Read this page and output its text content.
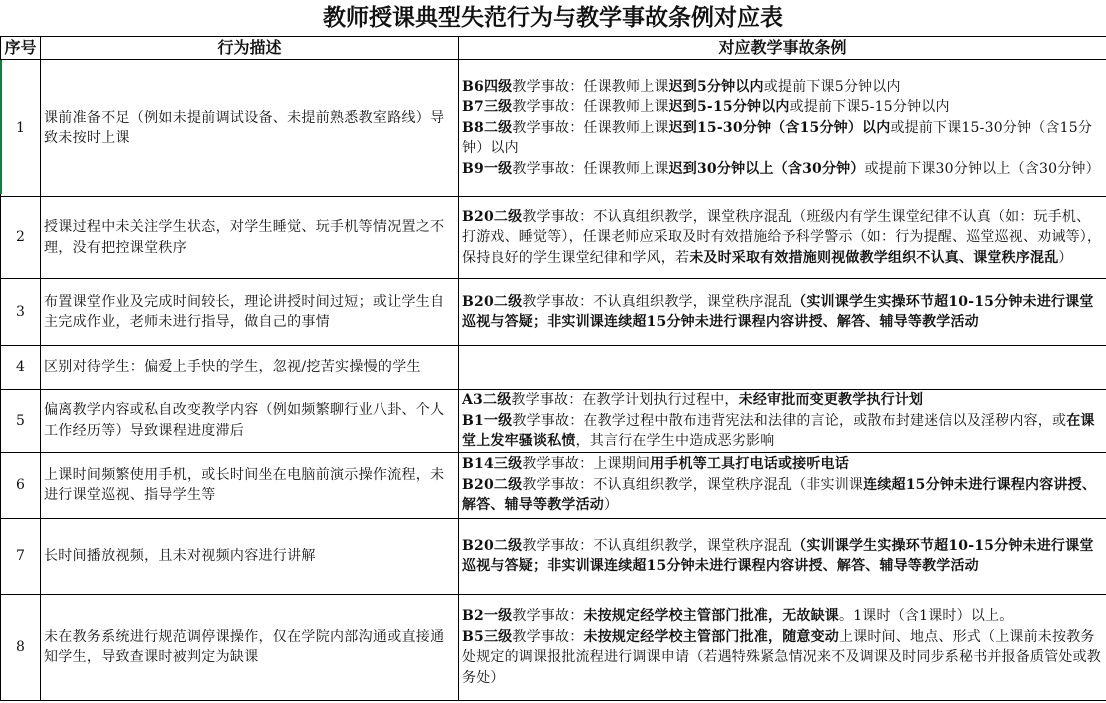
教师授课典型失范行为与教学事故条例对应表
序号	行为描述	对应教学事故条例
1	课前准备不足（例如未提前调试设备、未提前熟悉教室路线）导致未按时上课	B6四级教学事故：任课教师上课迟到5分钟以内或提前下课5分钟以内
B7三级教学事故：任课教师上课迟到5-15分钟以内或提前下课5-15分钟以内
B8二级教学事故：任课教师上课迟到15-30分钟（含15分钟）以内或提前下课15-30分钟（含15分钟）以内
B9一级教学事故：任课教师上课迟到30分钟以上（含30分钟）或提前下课30分钟以上（含30分钟）

2	授课过程中未关注学生状态，对学生睡觉、玩手机等情况置之不理，没有把控课堂秩序	B20二级教学事故：不认真组织教学，课堂秩序混乱（班级内有学生课堂纪律不认真（如：玩手机、打游戏、睡觉等），任课老师应采取及时有效措施给予科学警示（如：行为提醒、巡堂巡视、劝诫等），保持良好的学生课堂纪律和学风，若未及时采取有效措施则视做教学组织不认真、课堂秩序混乱）

3	布置课堂作业及完成时间较长，理论讲授时间过短；或让学生自主完成作业，老师未进行指导，做自己的事情	B20二级教学事故：不认真组织教学，课堂秩序混乱（实训课学生实操环节超10-15分钟未进行课堂巡视与答疑；非实训课连续超15分钟未进行课程内容讲授、解答、辅导等教学活动

4	区别对待学生：偏爱上手快的学生，忽视/挖苦实操慢的学生	
5	偏离教学内容或私自改变教学内容（例如频繁聊行业八卦、个人工作经历等）导致课程进度滞后	A3二级教学事故：在教学计划执行过程中，未经审批而变更教学执行计划
B1一级教学事故：在教学过程中散布违背宪法和法律的言论，或散布封建迷信以及淫秽内容，或在课堂上发牢骚谈私愤，其言行在学生中造成恶劣影响

6	上课时间频繁使用手机，或长时间坐在电脑前演示操作流程，未进行课堂巡视、指导学生等	B14三级教学事故：上课期间用手机等工具打电话或接听电话
B20二级教学事故：不认真组织教学，课堂秩序混乱（非实训课连续超15分钟未进行课程内容讲授、解答、辅导等教学活动）

7	长时间播放视频，且未对视频内容进行讲解	B20二级教学事故：不认真组织教学，课堂秩序混乱（实训课学生实操环节超10-15分钟未进行课堂巡视与答疑；非实训课连续超15分钟未进行课程内容讲授、解答、辅导等教学活动

8	未在教务系统进行规范调停课操作，仅在学院内部沟通或直接通知学生，导致查课时被判定为缺课	B2一级教学事故：未按规定经学校主管部门批准，无故缺课。1课时（含1课时）以上。
B5三级教学事故：未按规定经学校主管部门批准，随意变动上课时间、地点、形式（上课前未按教务处规定的调课报批流程进行调课申请（若遇特殊紧急情况来不及调课及时同步系秘书并报备质管处或教务处）
